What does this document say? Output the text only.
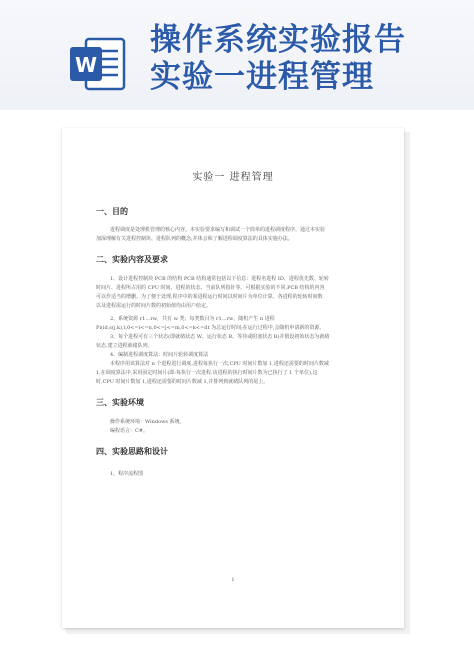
W
操作系统实验报告
实验一进程管理
实验一 进程管理
一、目的
进程调度是处理机管理的核心内容。本实验要求编写和调试一个简单的进程调度程序。通过本实验
加深理解有关进程控制块、进程队列的概念;并体会和了解进程调度算法的具体实施办法。
二、实验内容及要求
1、设计进程控制块 PCB 的结构 PCB 结构通常包括以下信息：进程名进程 ID、进程优先数、轮转
时间片、进程所占用的 CPU 时间、进程的状态、当前队列指针等。可根据实验的不同,PCB 结构的内容
可以作适当的增删。为了便于处理,程序中的某进程运行时间以时间片为单位计算。各进程的轮转时间数
以及进程需运行的时间片数的初始值均由用户给定。
2、系统资源 r1…rw，共有 w 类；每类数目为 r1…rw，随机产生 n 进程
Pi(id,s(j,k),t,0<=i<=n,0<=j<=m,0<=k<=dt 为总运行时间;在运行过程中,会随机申请新的资源。
3、每个进程可有三个状态(即就绪状态 W、运行状态 R、等待或阻塞状态 B)并假设初始状态为就绪
状态,建立进程就绪队列。
4、编制进程调度算法：时间片轮转调度算法
本程序用该算法对 n 个进程进行调度,进程每执行一次,CPU 时间片数加 1,进程还需要的时间片数减
1,在调度算法中,采用固定时间片(即:每执行一次进程,该进程的执行时间片数为已执行了 1 个单位),这
时,CPU 时间片数加 1,进程还需要的时间片数减 1,并排列到就绪队列的尾上。
三、实验环境
操作系统环境：Windows 系统。
编程语言：C#。
四、实验思路和设计
1、程序流程图
1
